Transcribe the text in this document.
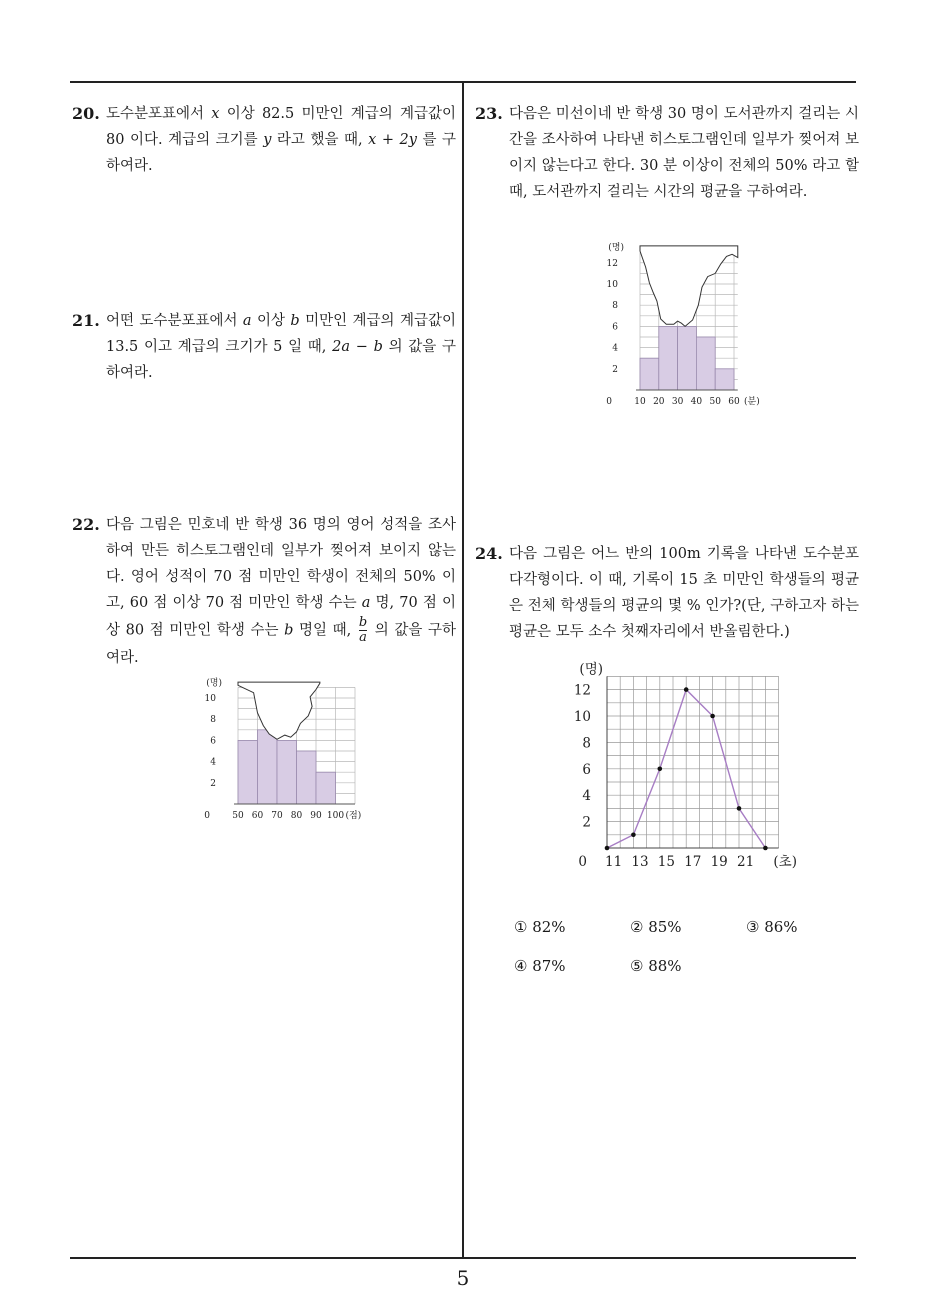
20. 도수분포표에서 x 이상 82.5 미만인 계급의 계급값이 80 이다. 계급의 크기를 y 라고 했을 때, x + 2y 를 구하여라.
21. 어떤 도수분포표에서 a 이상 b 미만인 계급의 계급값이 13.5 이고 계급의 크기가 5 일 때, 2a − b 의 값을 구하여라.
22. 다음 그림은 민호네 반 학생 36 명의 영어 성적을 조사하여 만든 히스토그램인데 일부가 찢어져 보이지 않는다. 영어 성적이 70 점 미만인 학생이 전체의 50% 이고, 60 점 이상 70 점 미만인 학생 수는 a 명, 70 점 이상 80 점 미만인 학생 수는 b 명일 때, $\frac{b}{a}$ 의 값을 구하여라.
2
4
6
8
10
0
(명)
50 60 70 80 90 100 (점)
23. 다음은 미선이네 반 학생 30 명이 도서관까지 걸리는 시간을 조사하여 나타낸 히스토그램인데 일부가 찢어져 보이지 않는다고 한다. 30 분 이상이 전체의 50% 라고 할 때, 도서관까지 걸리는 시간의 평균을 구하여라.
2
4
6
8
10
12
0
(명)
10 20 30 40 50 60 (분)
24. 다음 그림은 어느 반의 100m 기록을 나타낸 도수분포다각형이다. 이 때, 기록이 15 초 미만인 학생들의 평균은 전체 학생들의 평균의 몇 % 인가?(단, 구하고자 하는 평균은 모두 소수 첫째자리에서 반올림한다.)
2
4
6
8
10
12
0
(명)
11 13 15 17 19 21 (초)
① 82%	② 85%	③ 86%
④ 87%	⑤ 88%
5
